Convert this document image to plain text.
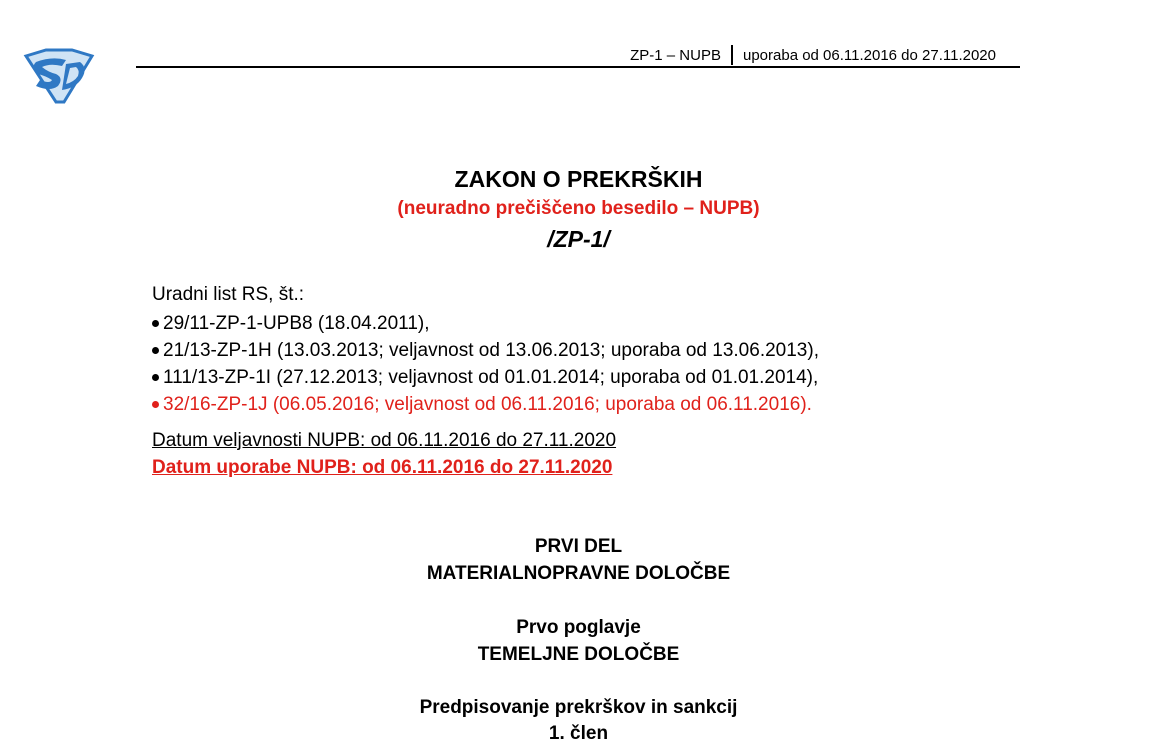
ZP-1 – NUPB uporaba od 06.11.2016 do 27.11.2020
ZAKON O PREKRŠKIH
(neuradno prečiščeno besedilo – NUPB)
/ZP-1/
Uradni list RS, št.:
29/11-ZP-1-UPB8 (18.04.2011),
21/13-ZP-1H (13.03.2013; veljavnost od 13.06.2013; uporaba od 13.06.2013),
111/13-ZP-1I (27.12.2013; veljavnost od 01.01.2014; uporaba od 01.01.2014),
32/16-ZP-1J (06.05.2016; veljavnost od 06.11.2016; uporaba od 06.11.2016).
Datum veljavnosti NUPB: od 06.11.2016 do 27.11.2020
Datum uporabe NUPB: od 06.11.2016 do 27.11.2020
PRVI DEL
MATERIALNOPRAVNE DOLOČBE
Prvo poglavje
TEMELJNE DOLOČBE
Predpisovanje prekrškov in sankcij
1. člen
